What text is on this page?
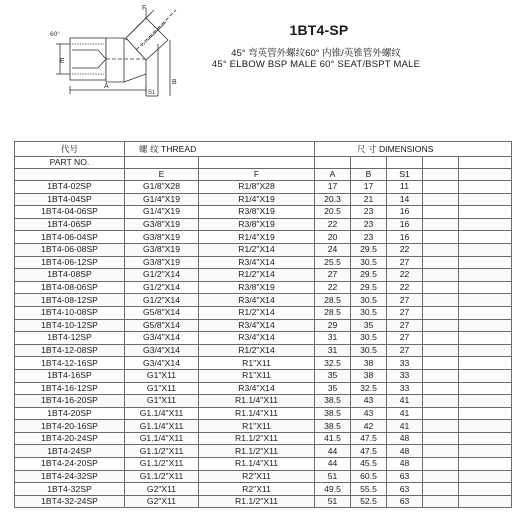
F
E
60°
A
S1
B
1BT4-SP
45° 弯英管外螺纹60° 内锥/英锥管外螺纹
45° ELBOW BSP MALE 60° SEAT/BSPT MALE
代号	螺 纹 THREAD		尺 寸 DIMENSIONS				
PART NO.							
	E	F	A	B	S1		
1BT4-02SP	G1/8"X28	R1/8"X28	17	17	11		
1BT4-04SP	G1/4"X19	R1/4"X19	20.3	21	14		
1BT4-04-06SP	G1/4"X19	R3/8"X19	20.5	23	16		
1BT4-06SP	G3/8"X19	R3/8"X19	22	23	16		
1BT4-06-04SP	G3/8"X19	R1/4"X19	20	23	16		
1BT4-06-08SP	G3/8"X19	R1/2"X14	24	29.5	22		
1BT4-06-12SP	G3/8"X19	R3/4"X14	25.5	30.5	27		
1BT4-08SP	G1/2"X14	R1/2"X14	27	29.5	22		
1BT4-08-06SP	G1/2"X14	R3/8"X19	22	29.5	22		
1BT4-08-12SP	G1/2"X14	R3/4"X14	28.5	30.5	27		
1BT4-10-08SP	G5/8"X14	R1/2"X14	28.5	30.5	27		
1BT4-10-12SP	G5/8"X14	R3/4"X14	29	35	27		
1BT4-12SP	G3/4"X14	R3/4"X14	31	30.5	27		
1BT4-12-08SP	G3/4"X14	R1/2"X14	31	30.5	27		
1BT4-12-16SP	G3/4"X14	R1"X11	32.5	38	33		
1BT4-16SP	G1"X11	R1"X11	35	38	33		
1BT4-16-12SP	G1"X11	R3/4"X14	35	32.5	33		
1BT4-16-20SP	G1"X11	R1.1/4"X11	38.5	43	41		
1BT4-20SP	G1.1/4"X11	R1.1/4"X11	38.5	43	41		
1BT4-20-16SP	G1.1/4"X11	R1"X11	38.5	42	41		
1BT4-20-24SP	G1.1/4"X11	R1.1/2"X11	41.5	47.5	48		
1BT4-24SP	G1.1/2"X11	R1.1/2"X11	44	47.5	48		
1BT4-24-20SP	G1.1/2"X11	R1.1/4"X11	44	45.5	48		
1BT4-24-32SP	G1.1/2"X11	R2"X11	51	60.5	63		
1BT4-32SP	G2"X11	R2"X11	49.5	55.5	63		
1BT4-32-24SP	G2"X11	R1.1/2"X11	51	52.5	63		
